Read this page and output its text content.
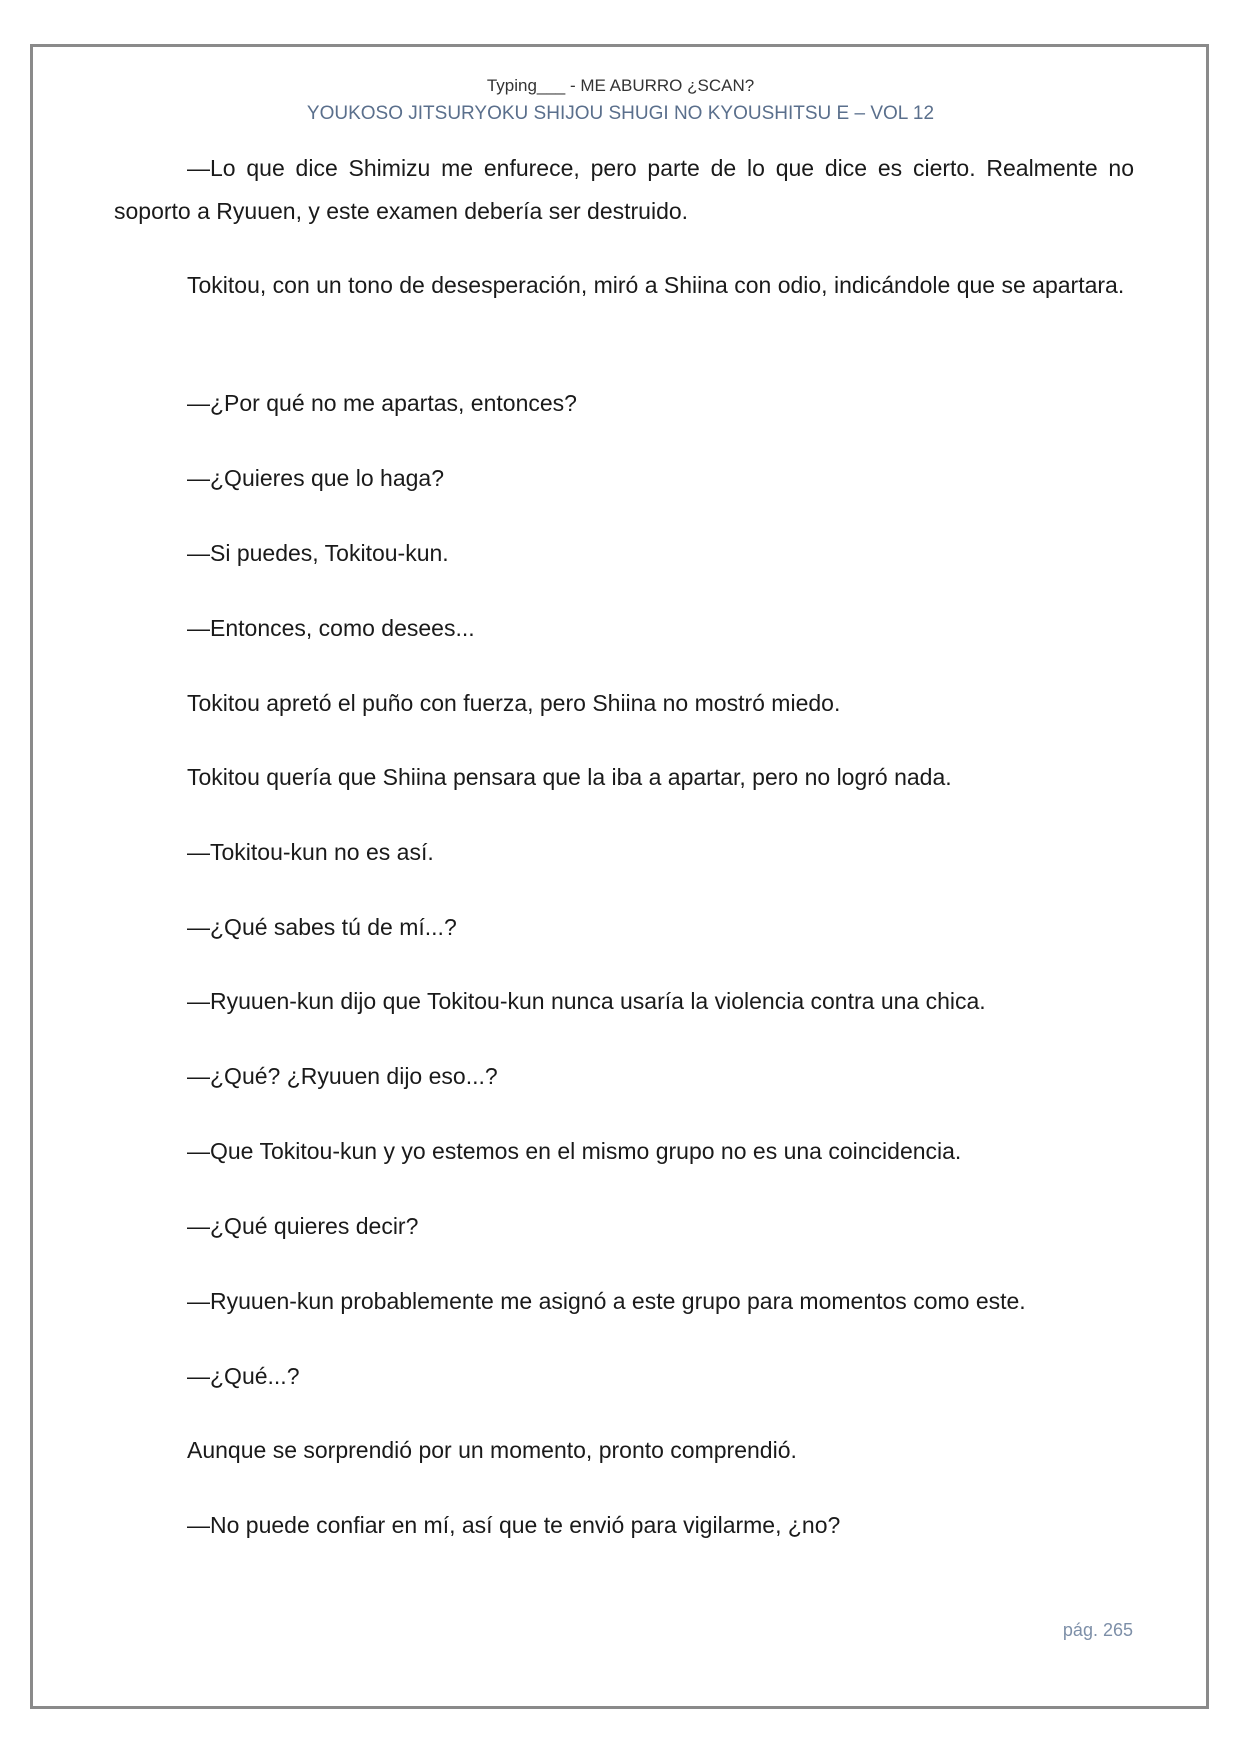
Typing___ - ME ABURRO ¿SCAN?
YOUKOSO JITSURYOKU SHIJOU SHUGI NO KYOUSHITSU E – VOL 12

—Lo que dice Shimizu me enfurece, pero parte de lo que dice es cierto. Realmente no soporto a Ryuuen, y este examen debería ser destruido.

Tokitou, con un tono de desesperación, miró a Shiina con odio, indicándole que se apartara.

—¿Por qué no me apartas, entonces?

—¿Quieres que lo haga?

—Si puedes, Tokitou-kun.

—Entonces, como desees...

Tokitou apretó el puño con fuerza, pero Shiina no mostró miedo.

Tokitou quería que Shiina pensara que la iba a apartar, pero no logró nada.

—Tokitou-kun no es así.

—¿Qué sabes tú de mí...?

—Ryuuen-kun dijo que Tokitou-kun nunca usaría la violencia contra una chica.

—¿Qué? ¿Ryuuen dijo eso...?

—Que Tokitou-kun y yo estemos en el mismo grupo no es una coincidencia.

—¿Qué quieres decir?

—Ryuuen-kun probablemente me asignó a este grupo para momentos como este.

—¿Qué...?

Aunque se sorprendió por un momento, pronto comprendió.

—No puede confiar en mí, así que te envió para vigilarme, ¿no?

pág. 265
